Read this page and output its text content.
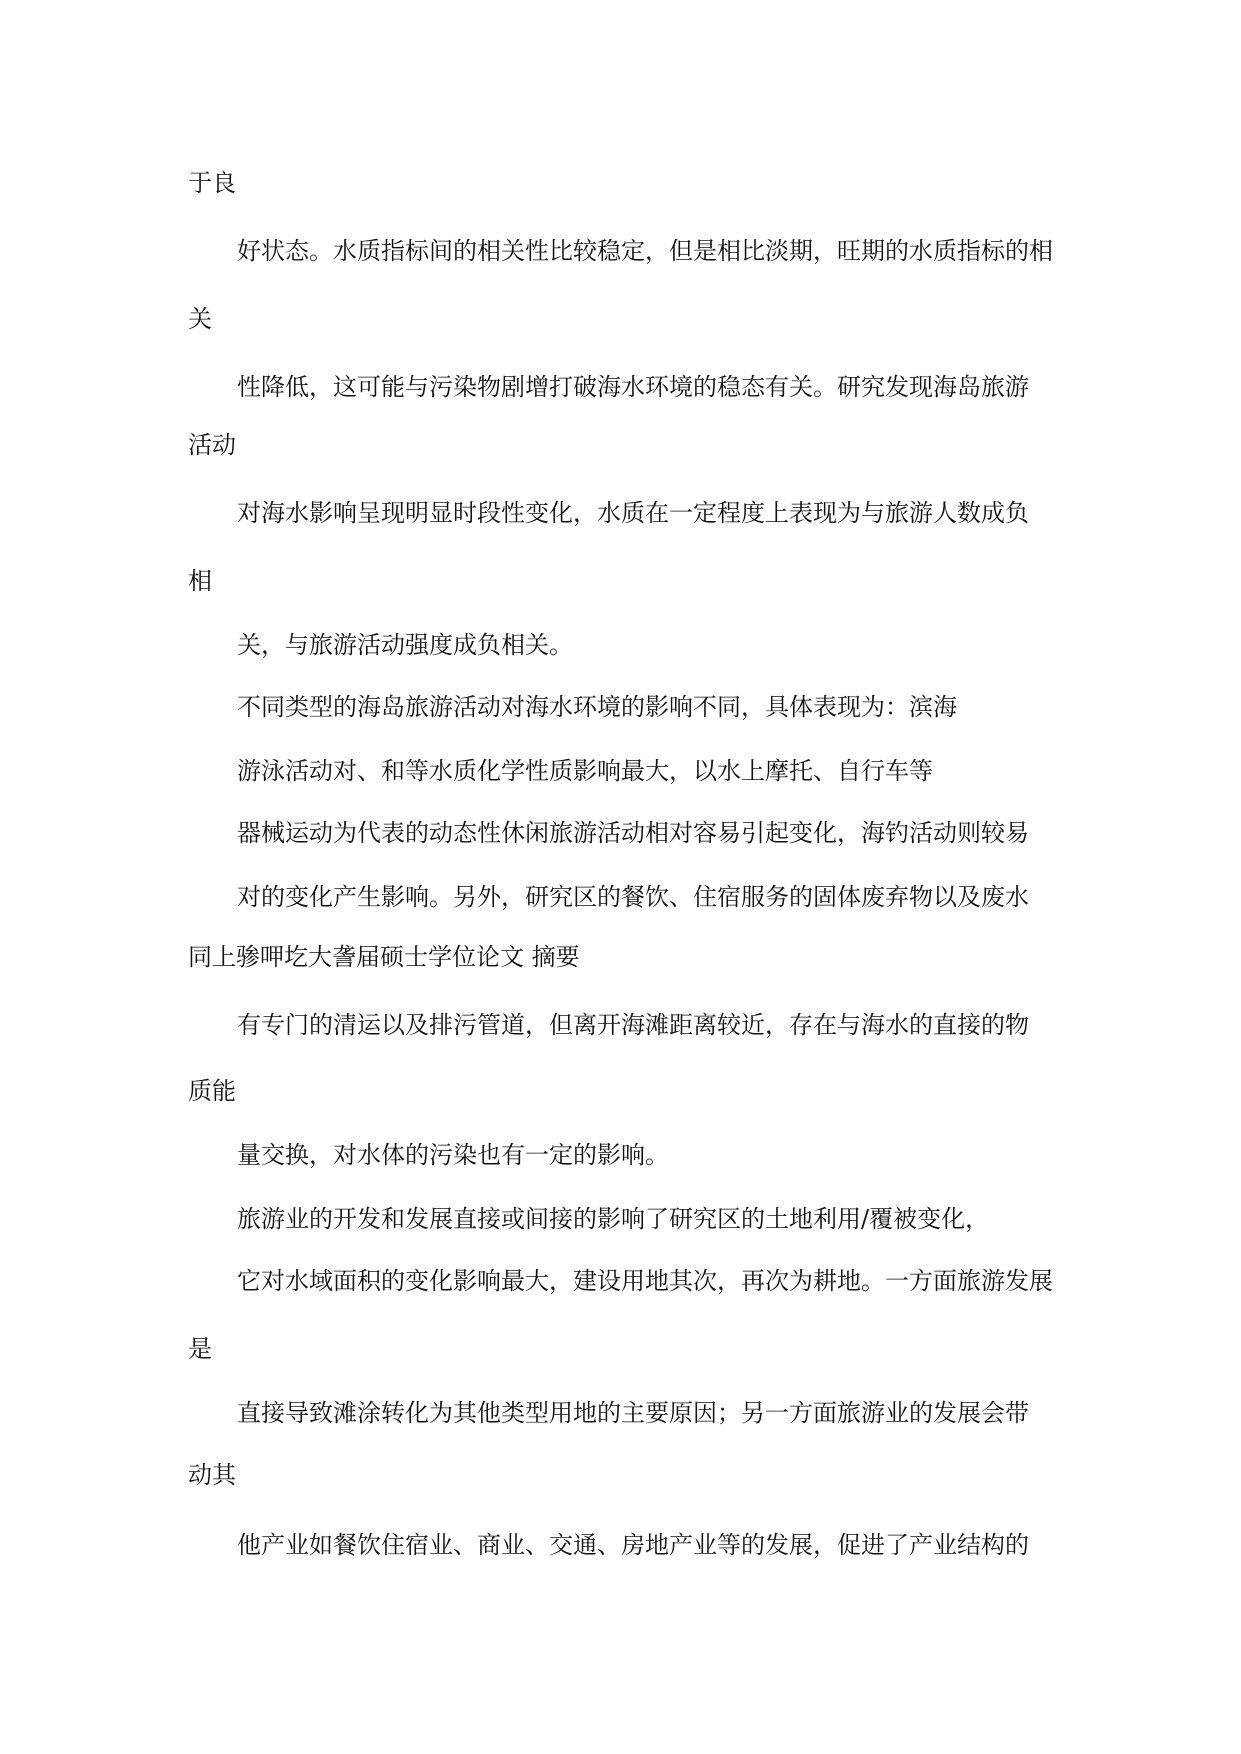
于良
好状态。水质指标间的相关性比较稳定，但是相比淡期，旺期的水质指标的相
关
性降低，这可能与污染物剧增打破海水环境的稳态有关。研究发现海岛旅游
活动
对海水影响呈现明显时段性变化，水质在一定程度上表现为与旅游人数成负
相
关，与旅游活动强度成负相关。
不同类型的海岛旅游活动对海水环境的影响不同，具体表现为：滨海
游泳活动对、和等水质化学性质影响最大，以水上摩托、自行车等
器械运动为代表的动态性休闲旅游活动相对容易引起变化，海钓活动则较易
对的变化产生影响。另外，研究区的餐饮、住宿服务的固体废弃物以及废水
同上骖呷圪大詟届硕士学位论文 摘要
有专门的清运以及排污管道，但离开海滩距离较近，存在与海水的直接的物
质能
量交换，对水体的污染也有一定的影响。
旅游业的开发和发展直接或间接的影响了研究区的土地利用/覆被变化，
它对水域面积的变化影响最大，建设用地其次，再次为耕地。一方面旅游发展
是
直接导致滩涂转化为其他类型用地的主要原因；另一方面旅游业的发展会带
动其
他产业如餐饮住宿业、商业、交通、房地产业等的发展，促进了产业结构的
